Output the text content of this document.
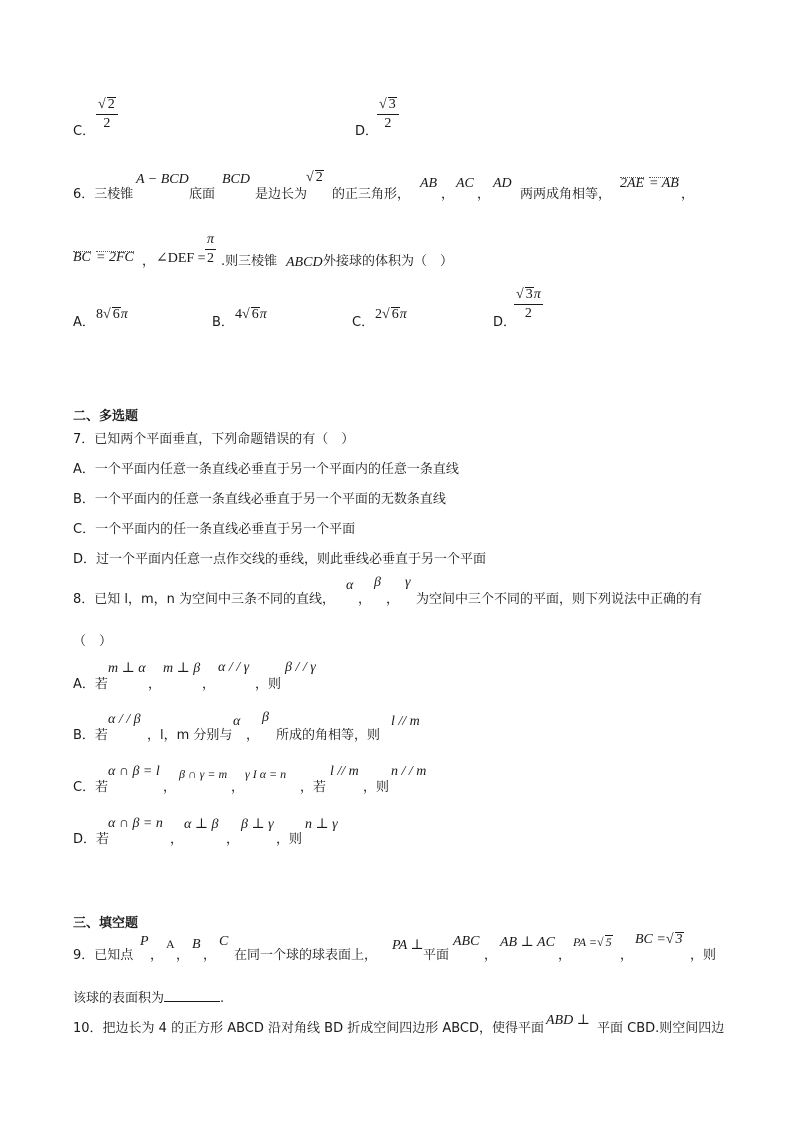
C． $\frac{√ 2}{2}$	D．
$\frac{√ 3}{2}$
6．三棱锥
A − BCD
底面
BCD
是边长为
√ 2
的正三角形，
AB
，
AC
，
AD
两两成角相等，
2AE = AB
，
BC = 2FC ， ∠DEF = $\frac{\pi}{2}$ .则三棱锥 ABCD 外接球的体积为（　）
A．
8√ 6π
B．
4√ 6π
C．
2√ 6π
D．
$\frac{√ 3\pi}{2}$
二、多选题
7．已知两个平面垂直，下列命题错误的有（　）
A．一个平面内任意一条直线必垂直于另一个平面内的任意一条直线
B．一个平面内的任意一条直线必垂直于另一个平面的无数条直线
C．一个平面内的任一条直线必垂直于另一个平面
D．过一个平面内任意一点作交线的垂线，则此垂线必垂直于另一个平面
8．已知 l，m，n 为空间中三条不同的直线，
α
，
β
，
γ
为空间中三个不同的平面，则下列说法中正确的有
（　）
A．若
m ⊥ α
，
m ⊥ β
，
α / / γ
，则
β / / γ
B．若
α / / β
，l，m 分别与
α
，
β
所成的角相等，则
l // m
C．若
α ∩ β = l
，
β ∩ γ = m
，
γ I α = n
，若
l // m
，则
n / / m
D．若
α ∩ β = n
，
α ⊥ β
，
β ⊥ γ
，则
n ⊥ γ
三、填空题
9．已知点
P
，
A
，
B
，
C
在同一个球的球表面上，
PA ⊥
平面
ABC
，
AB ⊥ AC
，
PA =√ 5
，
BC =√ 3
，则
该球的表面积为	.
10．把边长为 4 的正方形 ABCD 沿对角线 BD 折成空间四边形 ABCD，使得平面
ABD ⊥
平面 CBD.则空间四边
